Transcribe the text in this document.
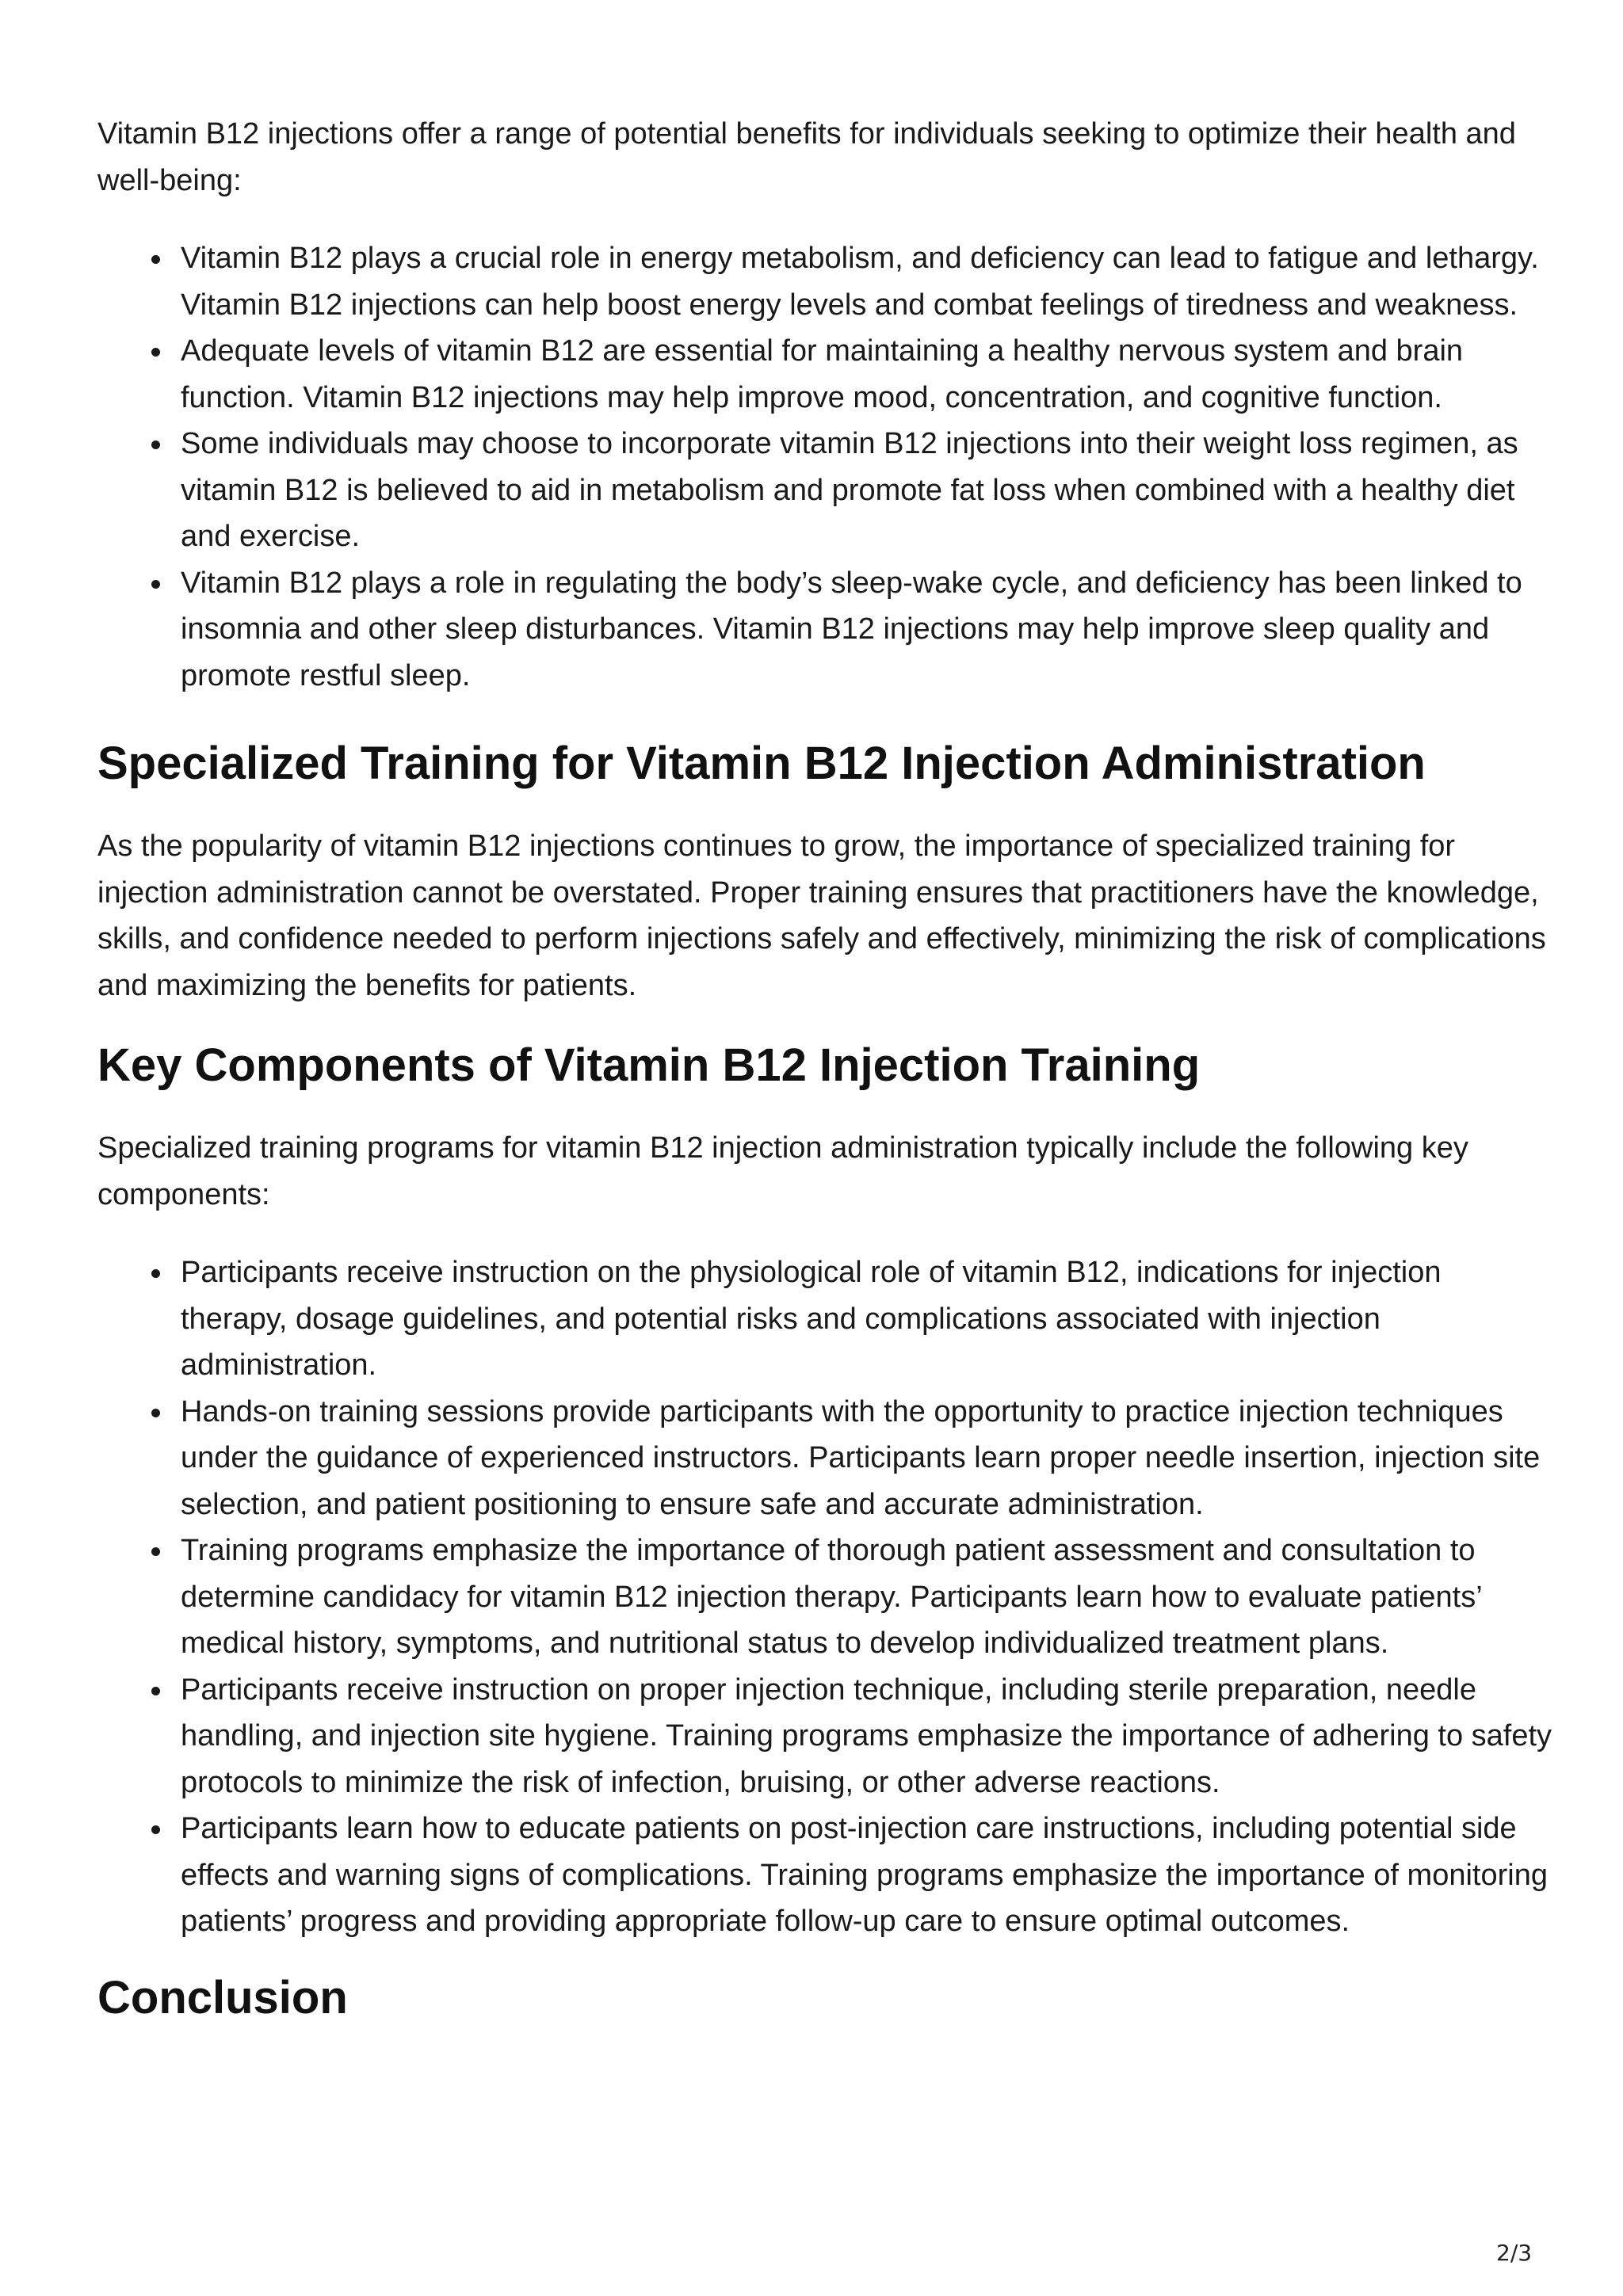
Vitamin B12 injections offer a range of potential benefits for individuals seeking to optimize their health and well-being:

Vitamin B12 plays a crucial role in energy metabolism, and deficiency can lead to fatigue and lethargy. Vitamin B12 injections can help boost energy levels and combat feelings of tiredness and weakness.
Adequate levels of vitamin B12 are essential for maintaining a healthy nervous system and brain function. Vitamin B12 injections may help improve mood, concentration, and cognitive function.
Some individuals may choose to incorporate vitamin B12 injections into their weight loss regimen, as vitamin B12 is believed to aid in metabolism and promote fat loss when combined with a healthy diet and exercise.
Vitamin B12 plays a role in regulating the body’s sleep-wake cycle, and deficiency has been linked to insomnia and other sleep disturbances. Vitamin B12 injections may help improve sleep quality and promote restful sleep.
Specialized Training for Vitamin B12 Injection Administration

As the popularity of vitamin B12 injections continues to grow, the importance of specialized training for injection administration cannot be overstated. Proper training ensures that practitioners have the knowledge, skills, and confidence needed to perform injections safely and effectively, minimizing the risk of complications and maximizing the benefits for patients.

Key Components of Vitamin B12 Injection Training

Specialized training programs for vitamin B12 injection administration typically include the following key components:

Participants receive instruction on the physiological role of vitamin B12, indications for injection therapy, dosage guidelines, and potential risks and complications associated with injection administration.
Hands-on training sessions provide participants with the opportunity to practice injection techniques under the guidance of experienced instructors. Participants learn proper needle insertion, injection site selection, and patient positioning to ensure safe and accurate administration.
Training programs emphasize the importance of thorough patient assessment and consultation to determine candidacy for vitamin B12 injection therapy. Participants learn how to evaluate patients’ medical history, symptoms, and nutritional status to develop individualized treatment plans.
Participants receive instruction on proper injection technique, including sterile preparation, needle handling, and injection site hygiene. Training programs emphasize the importance of adhering to safety protocols to minimize the risk of infection, bruising, or other adverse reactions.
Participants learn how to educate patients on post-injection care instructions, including potential side effects and warning signs of complications. Training programs emphasize the importance of monitoring patients’ progress and providing appropriate follow-up care to ensure optimal outcomes.
Conclusion
2/3
